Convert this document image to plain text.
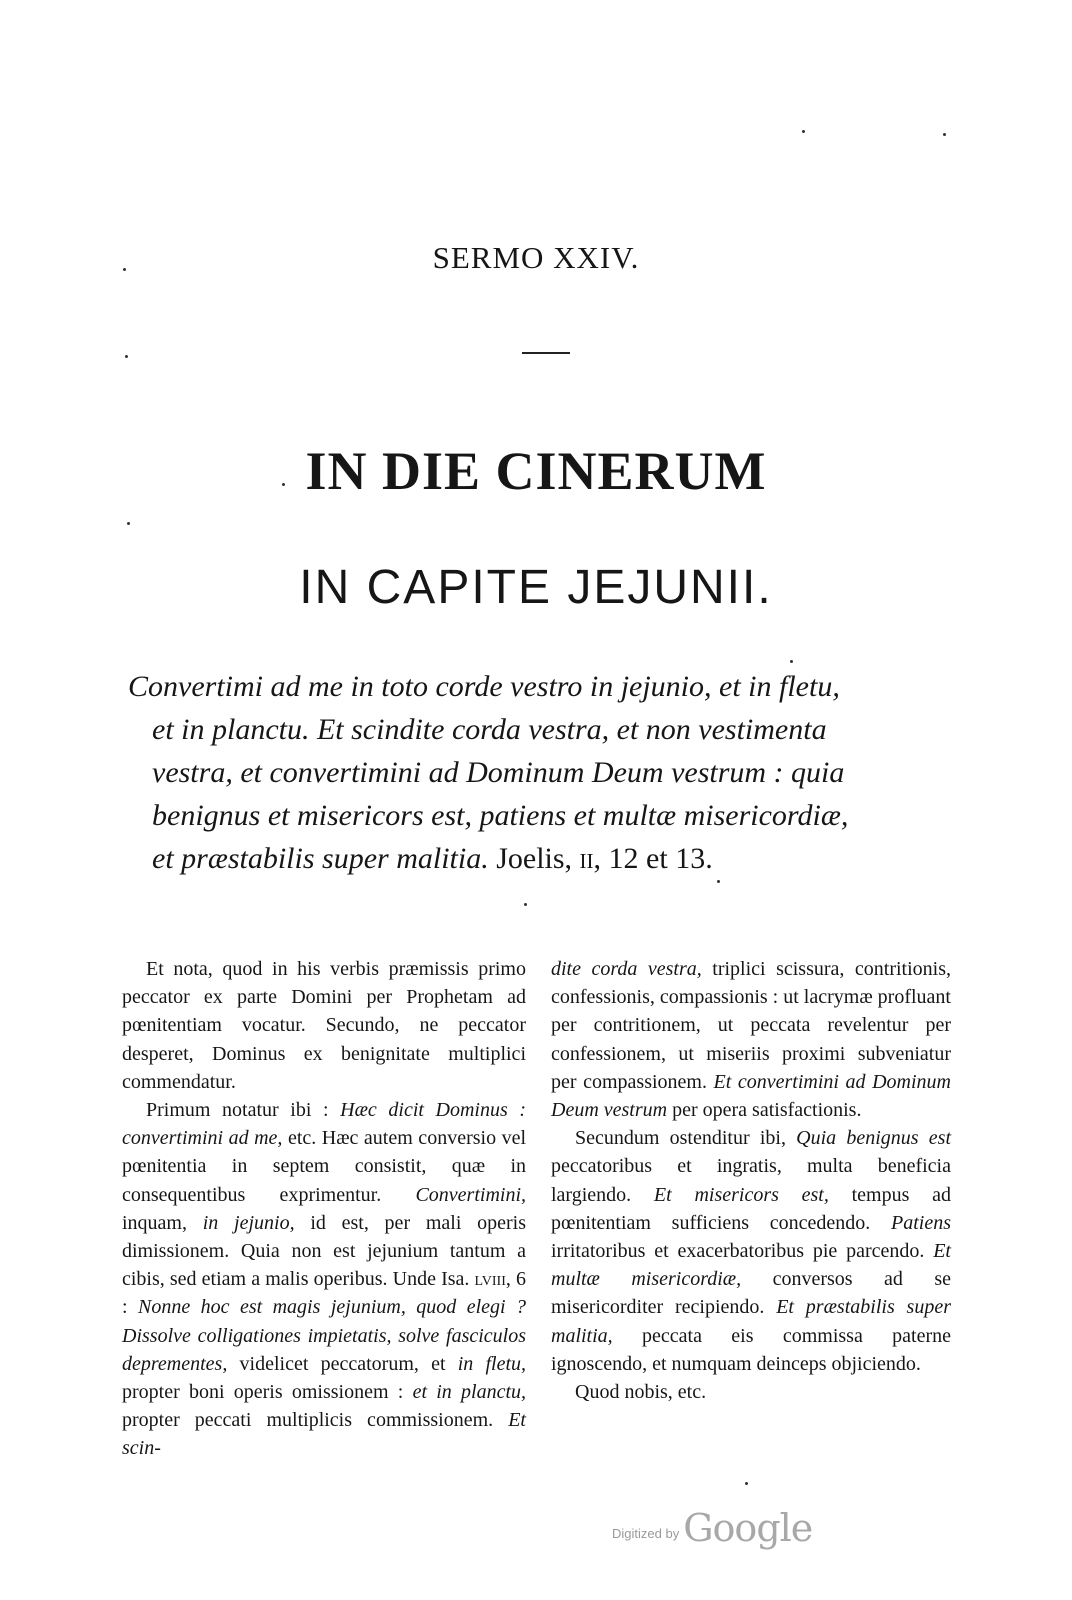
SERMO XXIV.
IN DIE CINERUM
IN CAPITE JEJUNII.
Convertimi ad me in toto corde vestro in jejunio, et in fletu,
et in planctu. Et scindite corda vestra, et non vestimenta
vestra, et convertimini ad Dominum Deum vestrum : quia
benignus et misericors est, patiens et multæ misericordiæ,
et præstabilis super malitia. Joelis, ii, 12 et 13.

Et nota, quod in his verbis præmissis primo peccator ex parte Domini per Prophetam ad pœnitentiam vocatur. Secundo, ne peccator desperet, Dominus ex benignitate multiplici commendatur.

Primum notatur ibi : Hæc dicit Dominus : convertimini ad me, etc. Hæc autem conversio vel pœnitentia in septem consistit, quæ in consequentibus exprimentur. Convertimini, inquam, in jejunio, id est, per mali operis dimissionem. Quia non est jejunium tantum a cibis, sed etiam a malis operibus. Unde Isa. lviii, 6 : Nonne hoc est magis jejunium, quod elegi ? Dissolve colligationes impietatis, solve fasciculos deprementes, videlicet peccatorum, et in fletu, propter boni operis omissionem : et in planctu, propter peccati multiplicis commissionem. Et scin-

dite corda vestra, triplici scissura, contritionis, confessionis, compassionis : ut lacrymæ profluant per contritionem, ut peccata revelentur per confessionem, ut miseriis proximi subveniatur per compassionem. Et convertimini ad Dominum Deum vestrum per opera satisfactionis.

Secundum ostenditur ibi, Quia benignus est peccatoribus et ingratis, multa beneficia largiendo. Et misericors est, tempus ad pœnitentiam sufficiens concedendo. Patiens irritatoribus et exacerbatoribus pie parcendo. Et multæ misericordiæ, conversos ad se misericorditer recipiendo. Et præstabilis super malitia, peccata eis commissa paterne ignoscendo, et numquam deinceps objiciendo.

Quod nobis, etc.

Digitized by Google
